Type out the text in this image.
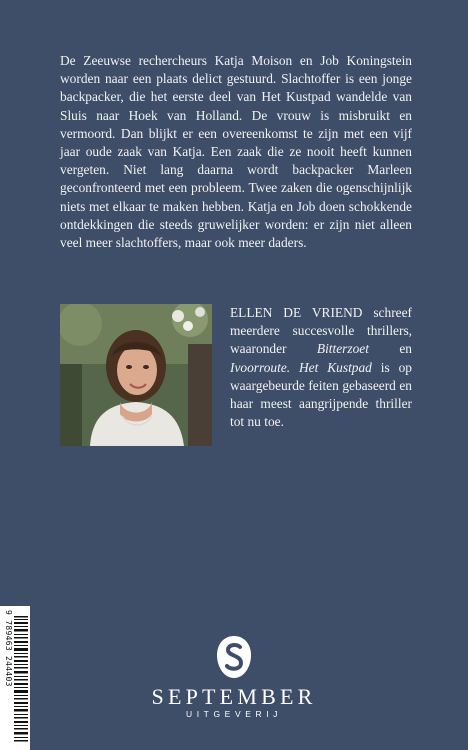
De Zeeuwse rechercheurs Katja Moison en Job Koningstein worden naar een plaats delict gestuurd. Slachtoffer is een jonge backpacker, die het eerste deel van Het Kustpad wandelde van Sluis naar Hoek van Holland. De vrouw is misbruikt en vermoord. Dan blijkt er een overeenkomst te zijn met een vijf jaar oude zaak van Katja. Een zaak die ze nooit heeft kunnen vergeten. Niet lang daarna wordt backpacker Marleen geconfronteerd met een probleem. Twee zaken die ogenschijnlijk niets met elkaar te maken hebben. Katja en Job doen schokkende ontdekkingen die steeds gruwelijker worden: er zijn niet alleen veel meer slachtoffers, maar ook meer daders.
ELLEN DE VRIEND schreef meerdere succesvolle thrillers, waaronder Bitterzoet en Ivoorroute. Het Kustpad is op waargebeurde feiten gebaseerd en haar meest aangrijpende thriller tot nu toe.
9 789463 244403
SEPTEMBER
UITGEVERIJ
